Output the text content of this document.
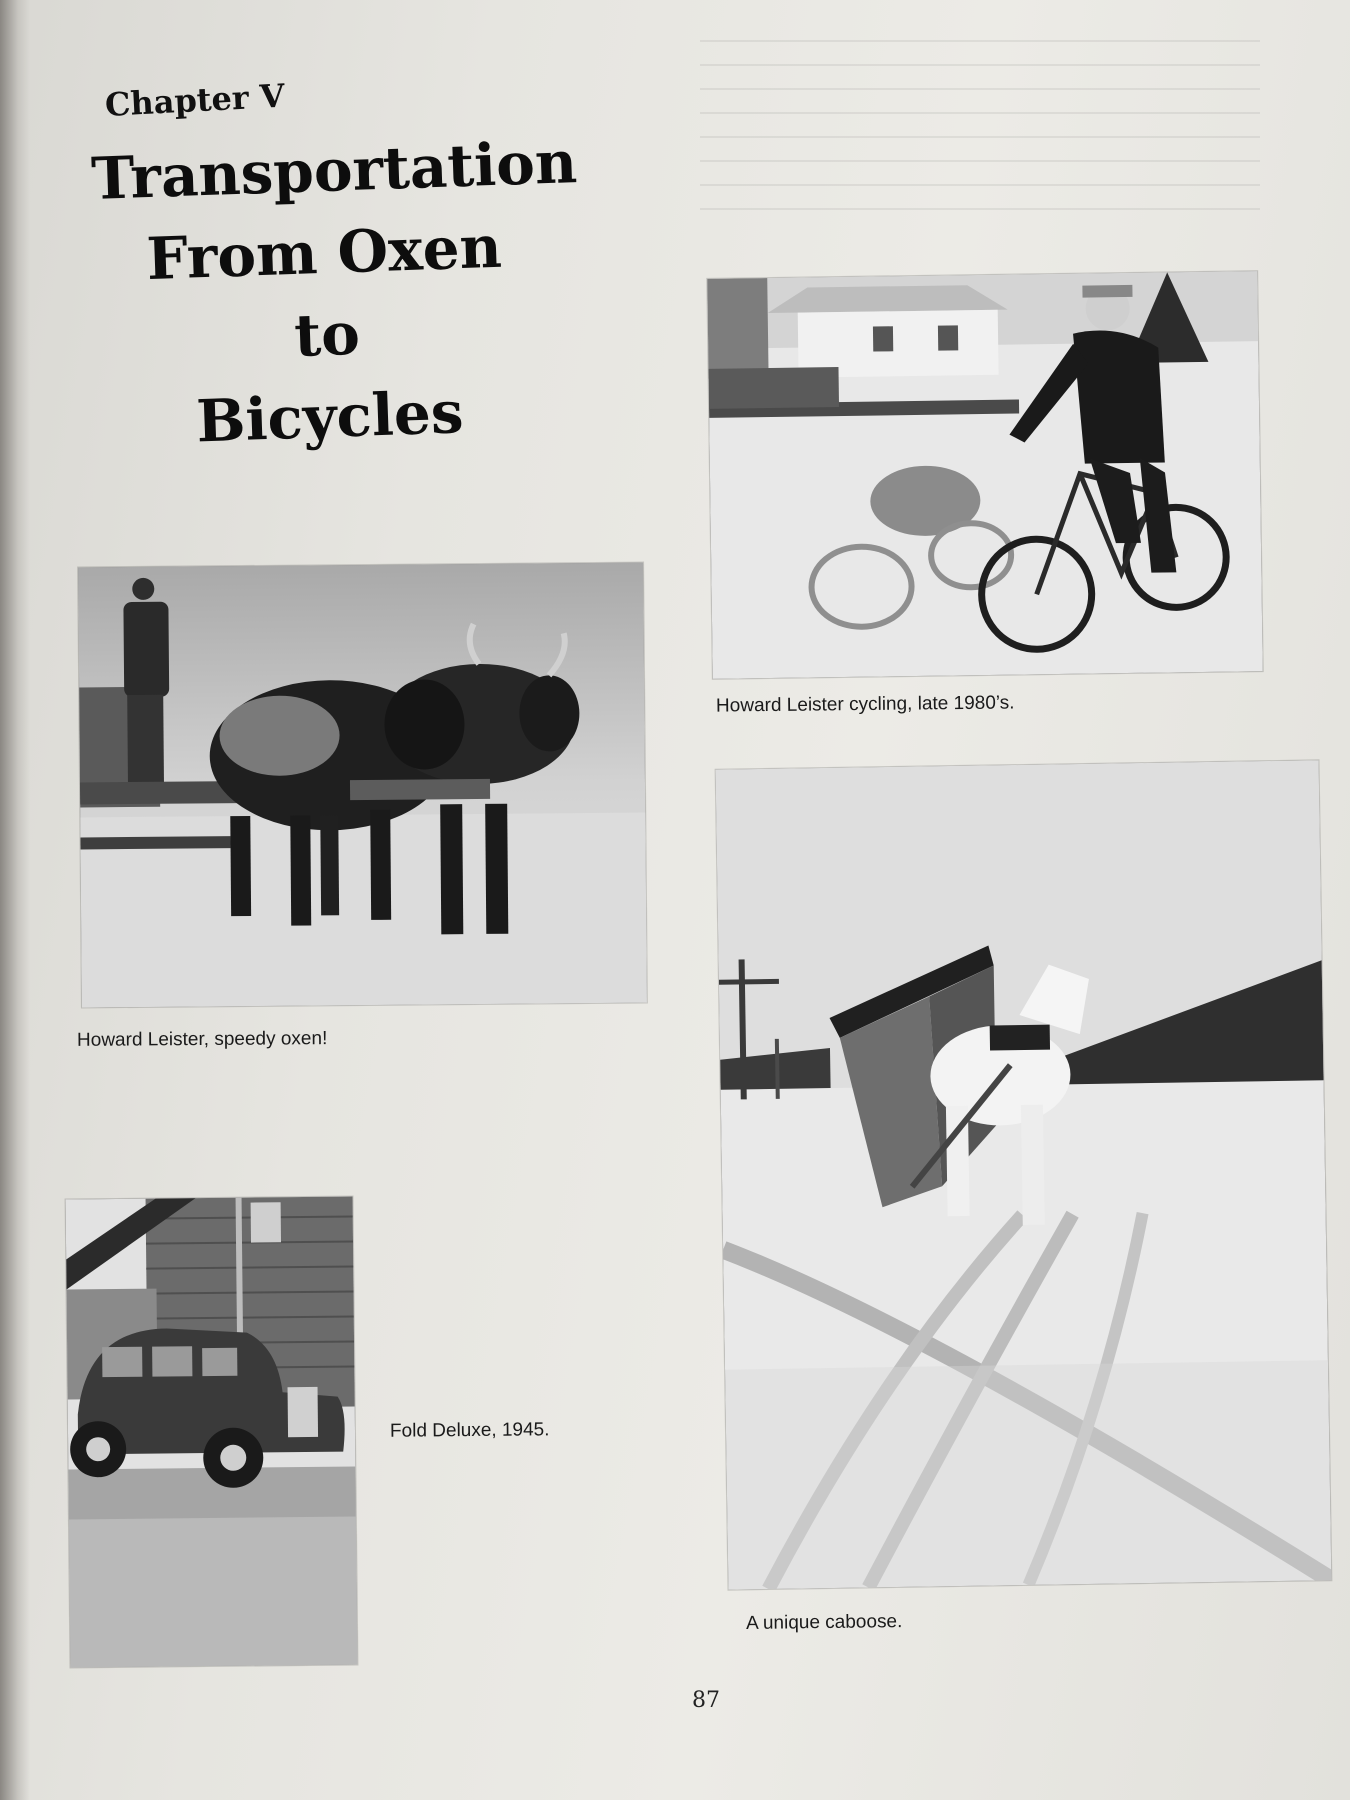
Chapter V
Transportation
From Oxen
to
Bicycles
Howard Leister cycling, late 1980’s.
Howard Leister, speedy oxen!
Fold Deluxe, 1945.
A unique caboose.
87
